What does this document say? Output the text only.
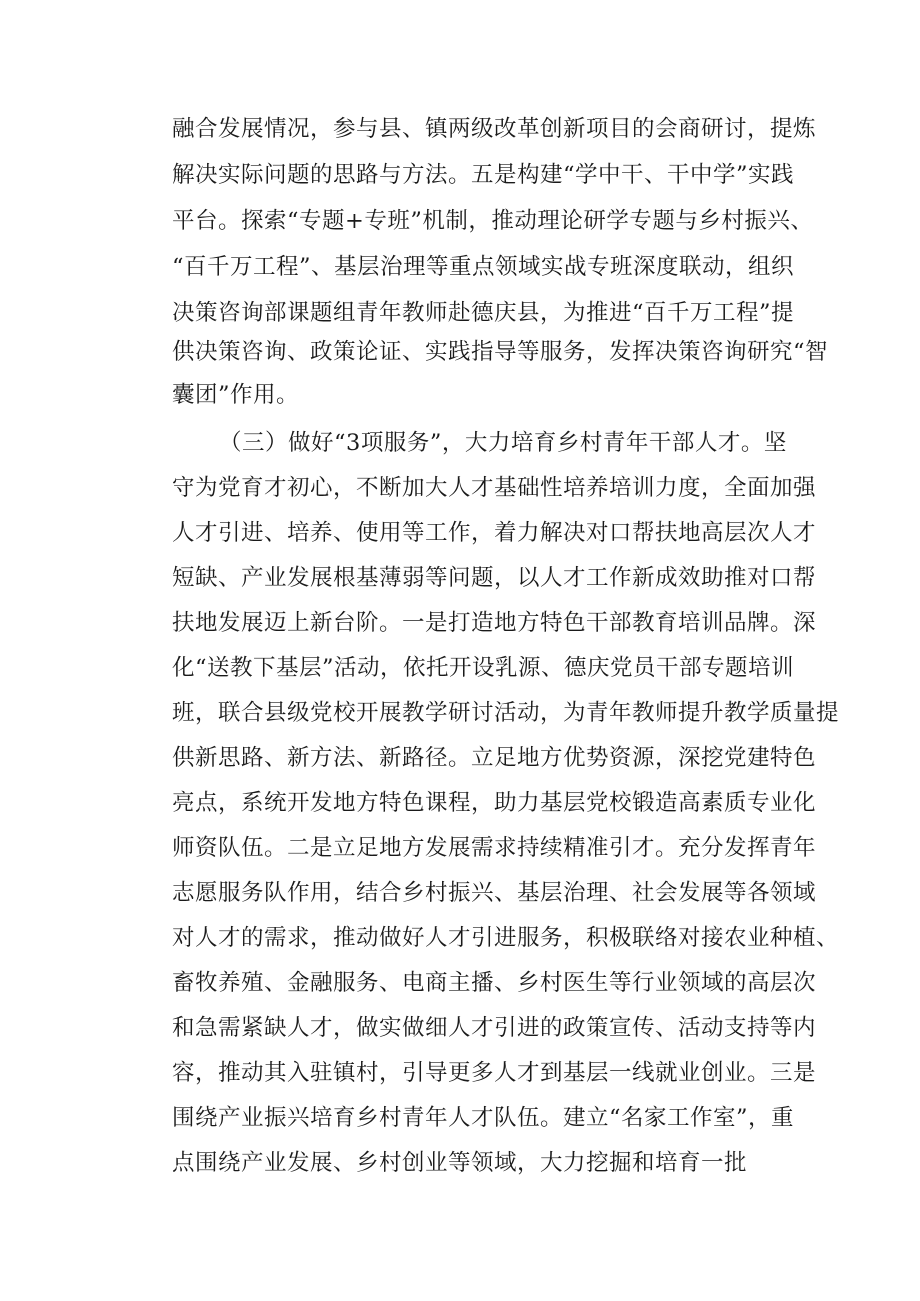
融合发展情况，参与县、镇两级改革创新项目的会商研讨，提炼
解决实际问题的思路与方法。五是构建“学中干、干中学”实践
平台。探索“专题+专班”机制，推动理论研学专题与乡村振兴、
“百千万工程”、基层治理等重点领域实战专班深度联动，组织
决策咨询部课题组青年教师赴德庆县，为推进“百千万工程”提
供决策咨询、政策论证、实践指导等服务，发挥决策咨询研究“智
囊团”作用。
（三）做好“3项服务”，大力培育乡村青年干部人才。坚
守为党育才初心，不断加大人才基础性培养培训力度，全面加强
人才引进、培养、使用等工作，着力解决对口帮扶地高层次人才
短缺、产业发展根基薄弱等问题，以人才工作新成效助推对口帮
扶地发展迈上新台阶。一是打造地方特色干部教育培训品牌。深
化“送教下基层”活动，依托开设乳源、德庆党员干部专题培训
班，联合县级党校开展教学研讨活动，为青年教师提升教学质量提
供新思路、新方法、新路径。立足地方优势资源，深挖党建特色
亮点，系统开发地方特色课程，助力基层党校锻造高素质专业化
师资队伍。二是立足地方发展需求持续精准引才。充分发挥青年
志愿服务队作用，结合乡村振兴、基层治理、社会发展等各领域
对人才的需求，推动做好人才引进服务，积极联络对接农业种植、
畜牧养殖、金融服务、电商主播、乡村医生等行业领域的高层次
和急需紧缺人才，做实做细人才引进的政策宣传、活动支持等内
容，推动其入驻镇村，引导更多人才到基层一线就业创业。三是
围绕产业振兴培育乡村青年人才队伍。建立“名家工作室”，重
点围绕产业发展、乡村创业等领域，大力挖掘和培育一批
